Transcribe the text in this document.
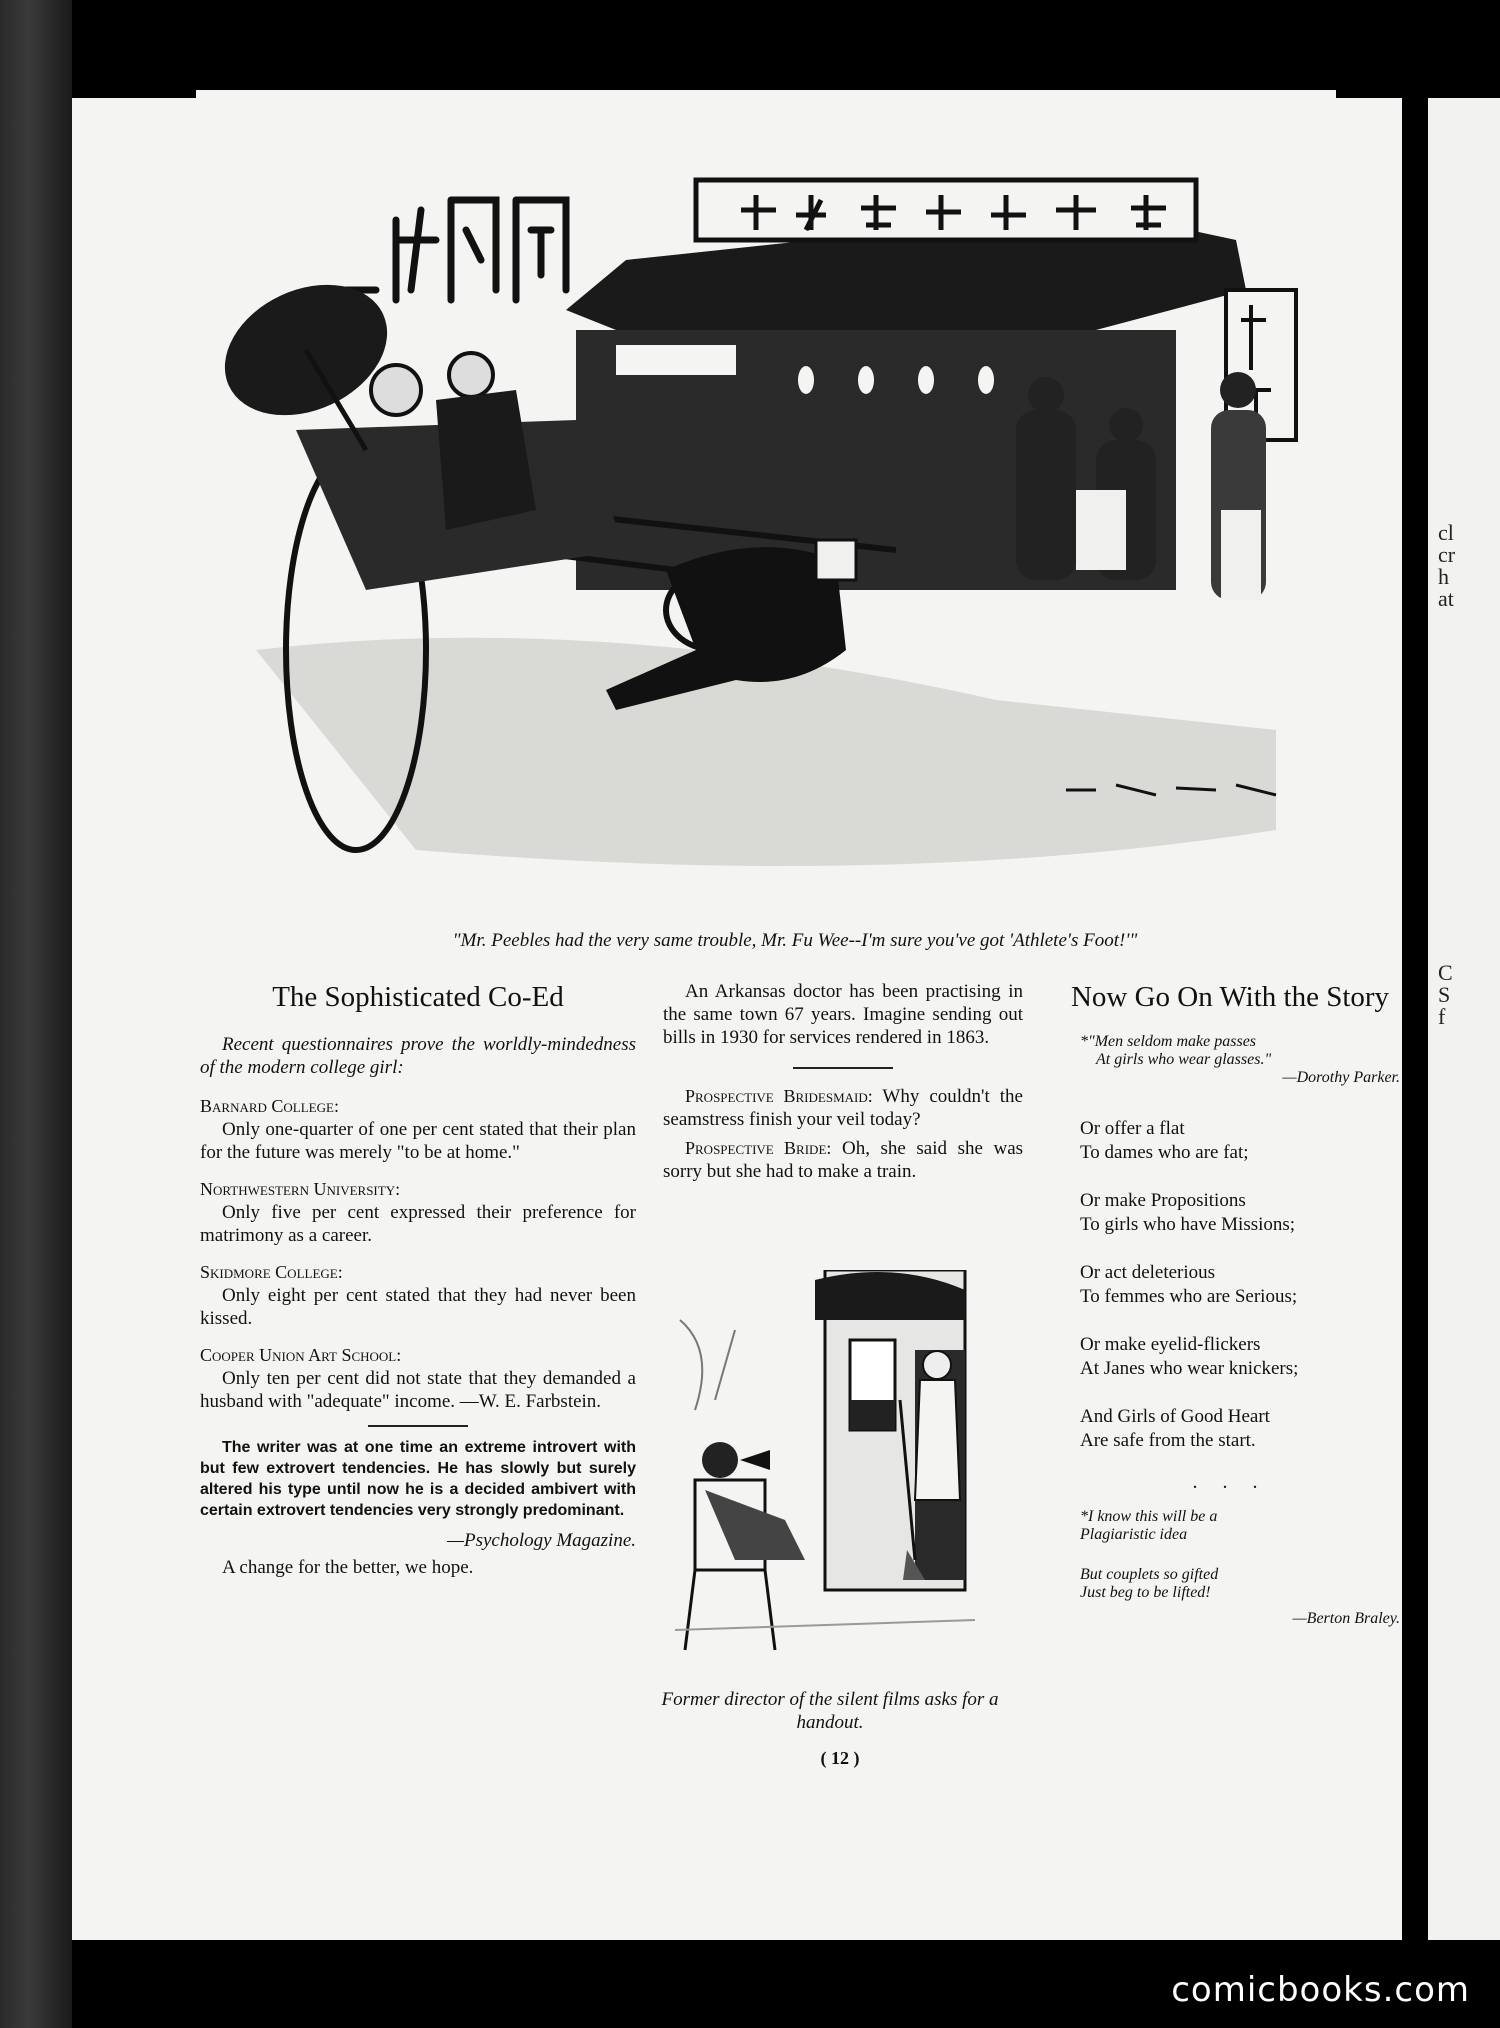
cl
cr
h
at
C
S
f
"Mr. Peebles had the very same trouble, Mr. Fu Wee--I'm sure you've got 'Athlete's Foot!'"
The Sophisticated Co-Ed

Recent questionnaires prove the worldly-mindedness of the modern college girl:

Barnard College:

Only one-quarter of one per cent stated that their plan for the future was merely "to be at home."

Northwestern University:

Only five per cent expressed their preference for matrimony as a career.

Skidmore College:

Only eight per cent stated that they had never been kissed.

Cooper Union Art School:

Only ten per cent did not state that they demanded a husband with "adequate" income. —W. E. Farbstein.

The writer was at one time an extreme introvert with but few extrovert tendencies. He has slowly but surely altered his type until now he is a decided ambivert with certain extrovert tendencies very strongly predominant.

—Psychology Magazine.

A change for the better, we hope.

An Arkansas doctor has been practising in the same town 67 years. Imagine sending out bills in 1930 for services rendered in 1863.

Prospective Bridesmaid: Why couldn't the seamstress finish your veil today?

Prospective Bride: Oh, she said she was sorry but she had to make a train.

Former director of the silent films asks for a handout.
( 12 )
Now Go On With the Story
*"Men seldom make passes
At girls who wear glasses."
—Dorothy Parker.
Or offer a flat
To dames who are fat;
Or make Propositions
To girls who have Missions;
Or act deleterious
To femmes who are Serious;
Or make eyelid-flickers
At Janes who wear knickers;
And Girls of Good Heart
Are safe from the start.
. . .
*I know this will be a
Plagiaristic idea
But couplets so gifted
Just beg to be lifted!
—Berton Braley.
comicbooks.com
